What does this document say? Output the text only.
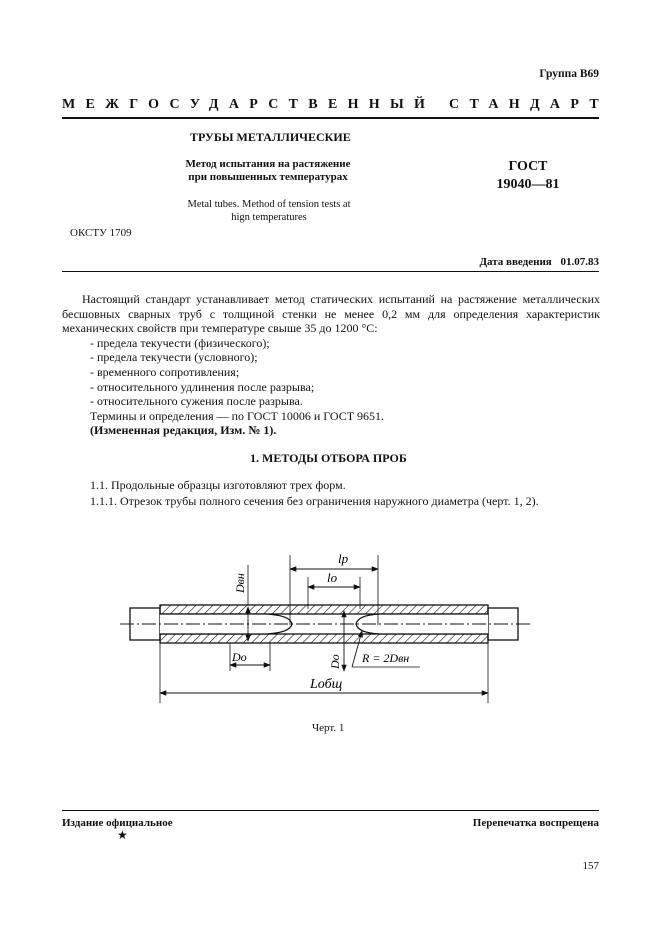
Группа В69
МЕЖГОСУДАРСТВЕННЫЙ СТАНДАРТ
ТРУБЫ МЕТАЛЛИЧЕСКИЕ
Метод испытания на растяжение
при повышенных температурах
ГОСТ
19040—81
Metal tubes. Method of tension tests at
hign temperatures
ОКСТУ 1709
Дата введения 01.07.83
Настоящий стандарт устанавливает метод статических испытаний на растяжение металлических бесшовных сварных труб с толщиной стенки не менее 0,2 мм для определения характеристик механических свойств при температуре свыше 35 до 1200 °С:
- предела текучести (физического);
- предела текучести (условного);
- временного сопротивления;
- относительного удлинения после разрыва;
- относительного сужения после разрыва.
Термины и определения — по ГОСТ 10006 и ГОСТ 9651.
(Измененная редакция, Изм. № 1).
1. МЕТОДЫ ОТБОРА ПРОБ
1.1. Продольные образцы изготовляют трех форм.
1.1.1. Отрезок трубы полного сечения без ограничения наружного диаметра (черт. 1, 2).
Dвн
lр
lо
Dо	Dо R = 2Dвн
Lобщ
Черт. 1
Издание официальное
★
Перепечатка воспрещена
157
